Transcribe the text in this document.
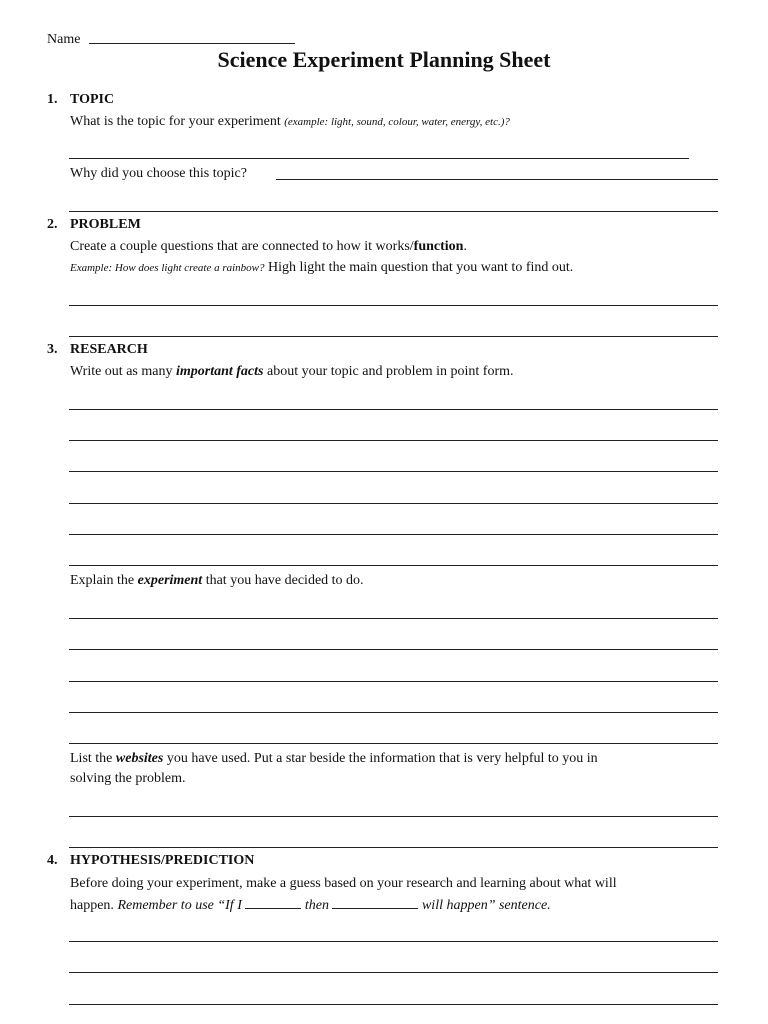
Name
Science Experiment Planning Sheet
1. TOPIC
What is the topic for your experiment (example: light, sound, colour, water, energy, etc.)?
Why did you choose this topic?
2. PROBLEM
Create a couple questions that are connected to how it works/function.
Example: How does light create a rainbow? High light the main question that you want to find out.
3. RESEARCH
Write out as many important facts about your topic and problem in point form.
Explain the experiment that you have decided to do.
List the websites you have used. Put a star beside the information that is very helpful to you in
solving the problem.
4. HYPOTHESIS/PREDICTION
Before doing your experiment, make a guess based on your research and learning about what will
happen. Remember to use “If I	then	will happen” sentence.
